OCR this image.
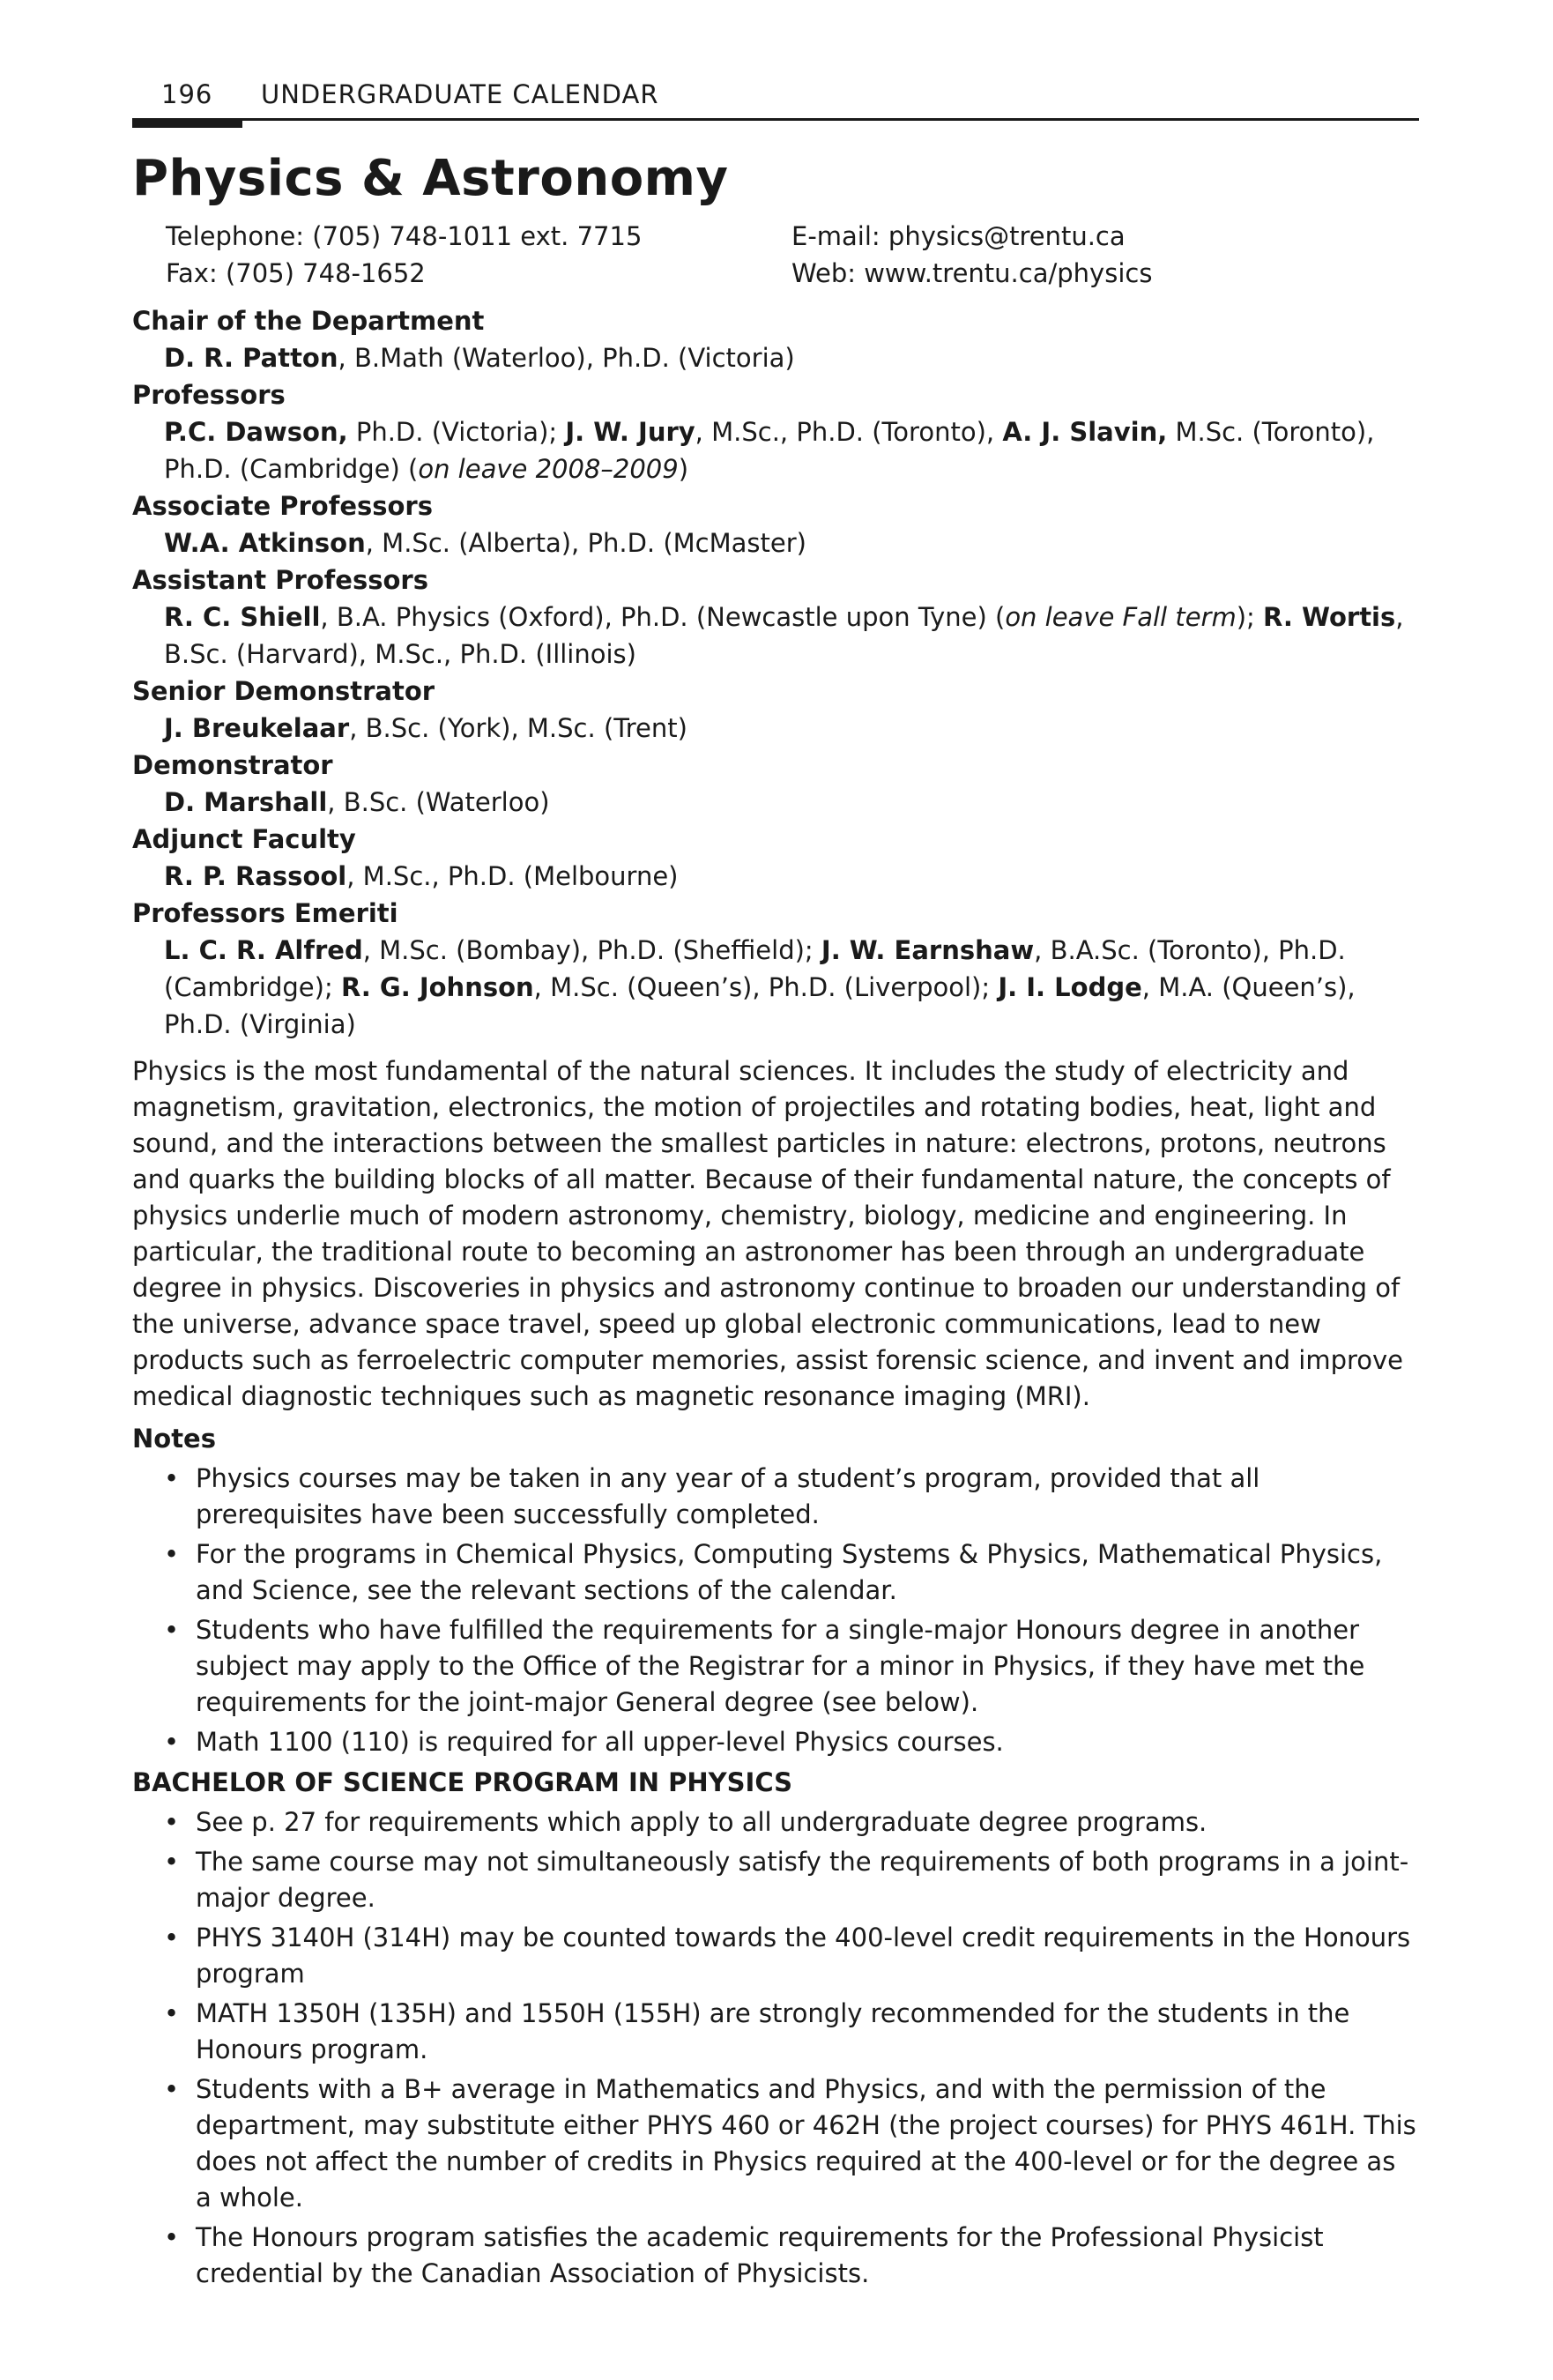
196 UNDERGRADUATE CALENDAR
Physics & Astronomy
Telephone: (705) 748-1011 ext. 7715	E-mail: physics@trentu.ca
Fax: (705) 748-1652	Web: www.trentu.ca/physics
Chair of the Department
D. R. Patton, B.Math (Waterloo), Ph.D. (Victoria)
Professors
P.C. Dawson, Ph.D. (Victoria); J. W. Jury, M.Sc., Ph.D. (Toronto), A. J. Slavin, M.Sc. (Toronto), Ph.D. (Cambridge) (on leave 2008–2009)
Associate Professors
W.A. Atkinson, M.Sc. (Alberta), Ph.D. (McMaster)
Assistant Professors
R. C. Shiell, B.A. Physics (Oxford), Ph.D. (Newcastle upon Tyne) (on leave Fall term); R. Wortis, B.Sc. (Harvard), M.Sc., Ph.D. (Illinois)
Senior Demonstrator
J. Breukelaar, B.Sc. (York), M.Sc. (Trent)
Demonstrator
D. Marshall, B.Sc. (Waterloo)
Adjunct Faculty
R. P. Rassool, M.Sc., Ph.D. (Melbourne)
Professors Emeriti
L. C. R. Alfred, M.Sc. (Bombay), Ph.D. (Sheffield); J. W. Earnshaw, B.A.Sc. (Toronto), Ph.D. (Cambridge); R. G. Johnson, M.Sc. (Queen’s), Ph.D. (Liverpool); J. I. Lodge, M.A. (Queen’s), Ph.D. (Virginia)

Physics is the most fundamental of the natural sciences. It includes the study of electricity and magnetism, gravitation, electronics, the motion of projectiles and rotating bodies, heat, light and sound, and the interactions between the smallest particles in nature: electrons, protons, neutrons and quarks the building blocks of all matter. Because of their fundamental nature, the concepts of physics underlie much of modern astronomy, chemistry, biology, medicine and engineering. In particular, the traditional route to becoming an astronomer has been through an undergraduate degree in physics. Discoveries in physics and astronomy continue to broaden our understanding of the universe, advance space travel, speed up global electronic communications, lead to new products such as ferroelectric computer memories, assist forensic science, and invent and improve medical diagnostic techniques such as magnetic resonance imaging (MRI).

Notes
• Physics courses may be taken in any year of a student’s program, provided that all prerequisites have been successfully completed.
• For the programs in Chemical Physics, Computing Systems & Physics, Mathematical Physics, and Science, see the relevant sections of the calendar.
• Students who have fulfilled the requirements for a single-major Honours degree in another subject may apply to the Office of the Registrar for a minor in Physics, if they have met the requirements for the joint-major General degree (see below).
• Math 1100 (110) is required for all upper-level Physics courses.
BACHELOR OF SCIENCE PROGRAM IN PHYSICS
• See p. 27 for requirements which apply to all undergraduate degree programs.
• The same course may not simultaneously satisfy the requirements of both programs in a joint-major degree.
• PHYS 3140H (314H) may be counted towards the 400-level credit requirements in the Honours program
• MATH 1350H (135H) and 1550H (155H) are strongly recommended for the students in the Honours program.
• Students with a B+ average in Mathematics and Physics, and with the permission of the department, may substitute either PHYS 460 or 462H (the project courses) for PHYS 461H. This does not affect the number of credits in Physics required at the 400-level or for the degree as a whole.
• The Honours program satisfies the academic requirements for the Professional Physicist credential by the Canadian Association of Physicists.
